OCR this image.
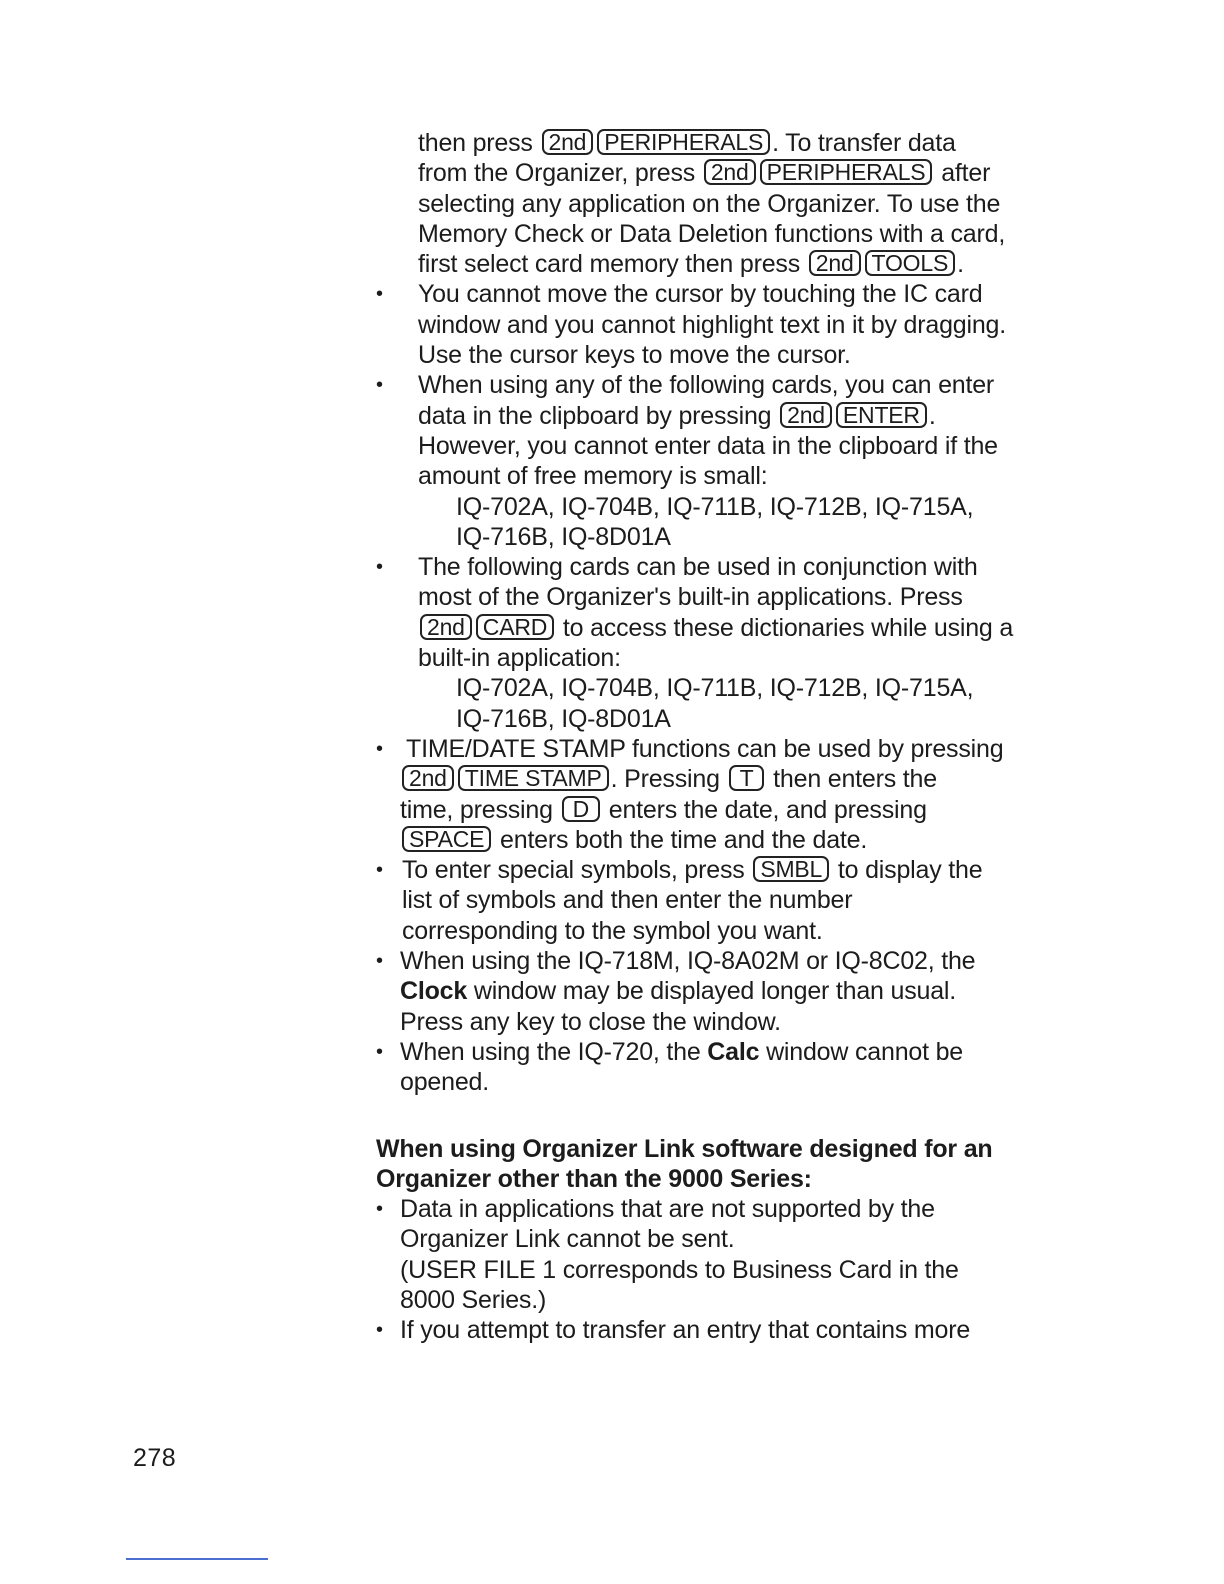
then press 2nd PERIPHERALS . To transfer data
from the Organizer, press 2nd PERIPHERALS after
selecting any application on the Organizer. To use the
Memory Check or Data Deletion functions with a card,
first select card memory then press 2nd TOOLS .
• You cannot move the cursor by touching the IC card
window and you cannot highlight text in it by dragging.
Use the cursor keys to move the cursor.
• When using any of the following cards, you can enter
data in the clipboard by pressing 2nd ENTER .
However, you cannot enter data in the clipboard if the
amount of free memory is small:
IQ-702A, IQ-704B, IQ-711B, IQ-712B, IQ-715A,
IQ-716B, IQ-8D01A
• The following cards can be used in conjunction with
most of the Organizer's built-in applications. Press
2nd CARD to access these dictionaries while using a
built-in application:
IQ-702A, IQ-704B, IQ-711B, IQ-712B, IQ-715A,
IQ-716B, IQ-8D01A
• TIME/DATE STAMP functions can be used by pressing
2nd TIME STAMP . Pressing T then enters the
time, pressing D enters the date, and pressing
SPACE enters both the time and the date.
• To enter special symbols, press SMBL to display the
list of symbols and then enter the number
corresponding to the symbol you want.
• When using the IQ-718M, IQ-8A02M or IQ-8C02, the
Clock window may be displayed longer than usual.
Press any key to close the window.
• When using the IQ-720, the Calc window cannot be
opened.
When using Organizer Link software designed for an
Organizer other than the 9000 Series:
• Data in applications that are not supported by the
Organizer Link cannot be sent.
(USER FILE 1 corresponds to Business Card in the
8000 Series.)
• If you attempt to transfer an entry that contains more
278
